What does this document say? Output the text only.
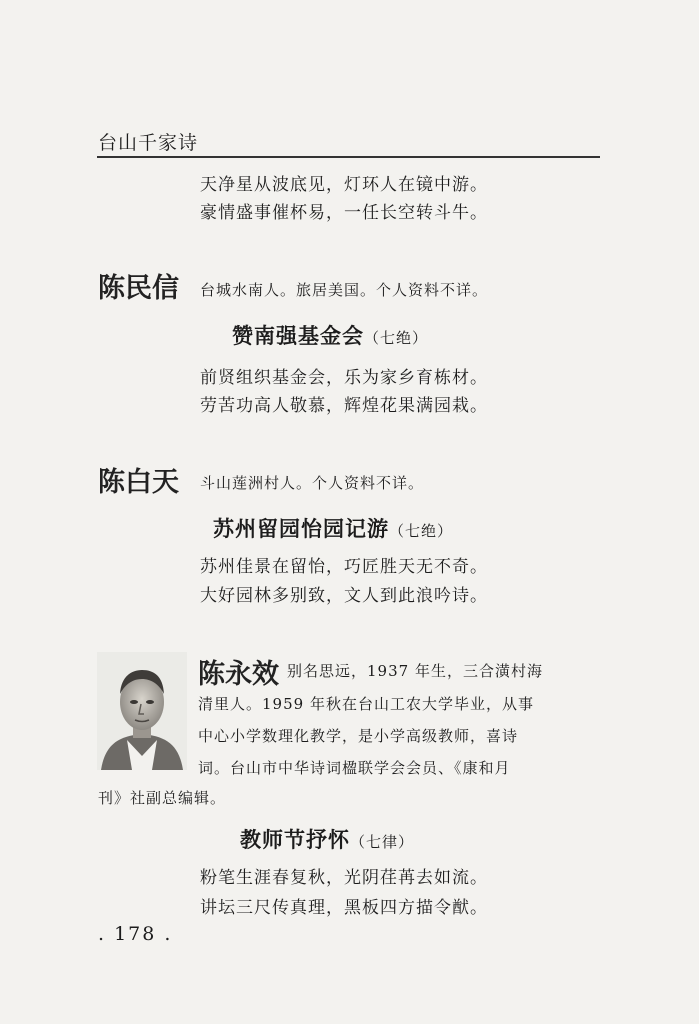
台山千家诗
天净星从波底见，灯环人在镜中游。
豪情盛事催杯易，一任长空转斗牛。
陈民信 台城水南人。旅居美国。个人资料不详。
赞南强基金会（七绝）
前贤组织基金会，乐为家乡育栋材。
劳苦功高人敬慕，辉煌花果满园栽。
陈白天 斗山莲洲村人。个人资料不详。
苏州留园怡园记游（七绝）
苏州佳景在留怡，巧匠胜天无不奇。
大好园林多别致，文人到此浪吟诗。
陈永效 别名思远，1937 年生，三合潢村海
清里人。1959 年秋在台山工农大学毕业，从事
中心小学数理化教学，是小学高级教师，喜诗
词。台山市中华诗词楹联学会会员、《康和月
刊》社副总编辑。
教师节抒怀（七律）
粉笔生涯春复秋，光阴荏苒去如流。
讲坛三尺传真理，黑板四方描令猷。
. 178 .
